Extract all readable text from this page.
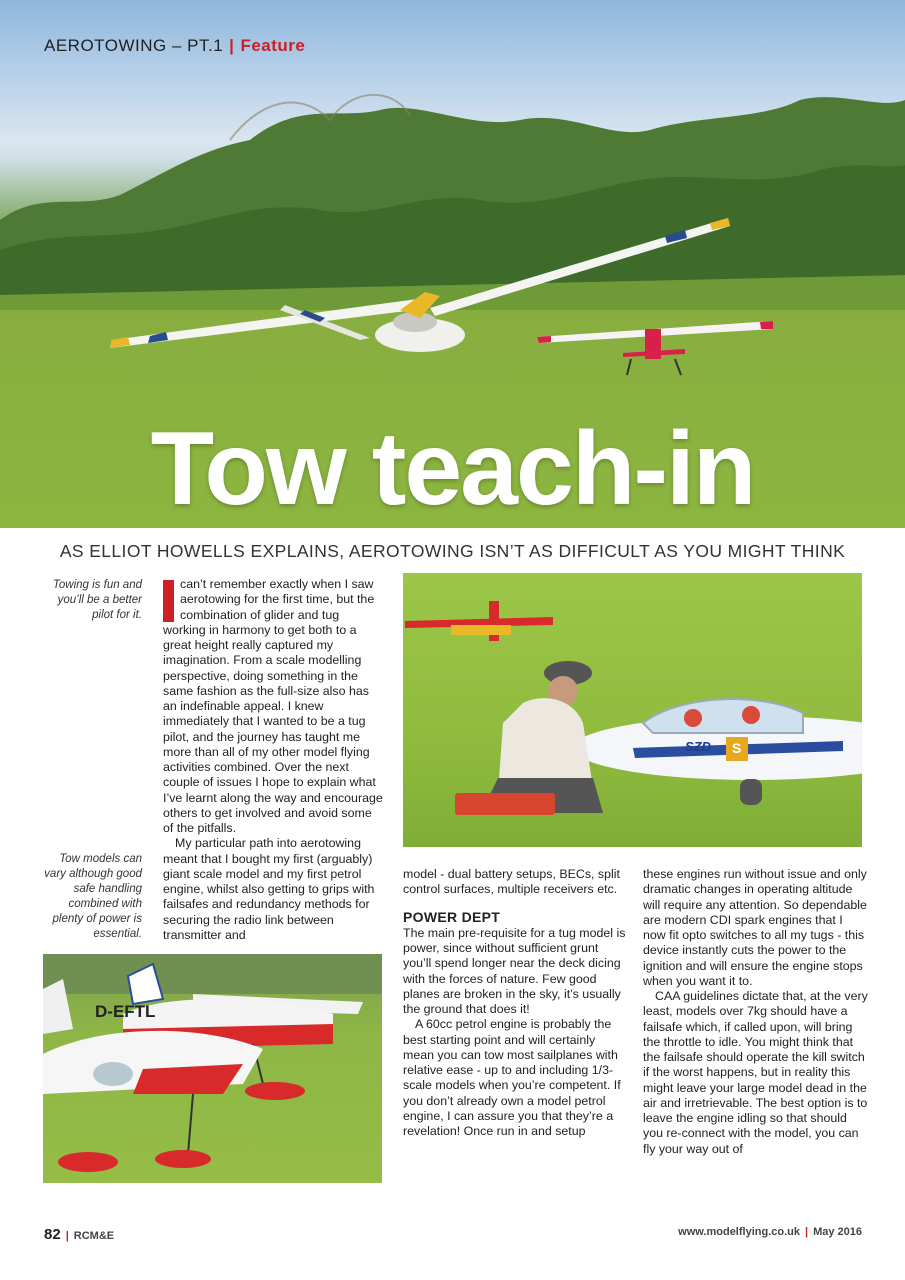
AEROTOWING – PT.1 | Feature
Tow teach-in
AS ELLIOT HOWELLS EXPLAINS, AEROTOWING ISN’T AS DIFFICULT AS YOU MIGHT THINK
Towing is fun and you’ll be a better pilot for it.
Tow models can vary although good safe handling combined with plenty of power is essential.

can’t remember exactly when I saw aerotowing for the first time, but the combination of glider and tug working in harmony to get both to a great height really captured my imagination. From a scale modelling perspective, doing something in the same fashion as the full-size also has an indefinable appeal. I knew immediately that I wanted to be a tug pilot, and the journey has taught me more than all of my other model flying activities combined. Over the next couple of issues I hope to explain what I’ve learnt along the way and encourage others to get involved and avoid some of the pitfalls.

My particular path into aerotowing meant that I bought my first (arguably) giant scale model and my first petrol engine, whilst also getting to grips with failsafes and redundancy methods for securing the radio link between transmitter and

SZD S
D-EFTL

model - dual battery setups, BECs, split control surfaces, multiple receivers etc.

POWER DEPT

The main pre-requisite for a tug model is power, since without sufficient grunt you’ll spend longer near the deck dicing with the forces of nature. Few good planes are broken in the sky, it’s usually the ground that does it!

A 60cc petrol engine is probably the best starting point and will certainly mean you can tow most sailplanes with relative ease - up to and including 1/3-scale models when you’re competent. If you don’t already own a model petrol engine, I can assure you that they’re a revelation! Once run in and setup

these engines run without issue and only dramatic changes in operating altitude will require any attention. So dependable are modern CDI spark engines that I now fit opto switches to all my tugs - this device instantly cuts the power to the ignition and will ensure the engine stops when you want it to.

CAA guidelines dictate that, at the very least, models over 7kg should have a failsafe which, if called upon, will bring the throttle to idle. You might think that the failsafe should operate the kill switch if the worst happens, but in reality this might leave your large model dead in the air and irretrievable. The best option is to leave the engine idling so that should you re-connect with the model, you can fly your way out of

82 | RCM&E	www.modelflying.co.uk | May 2016
